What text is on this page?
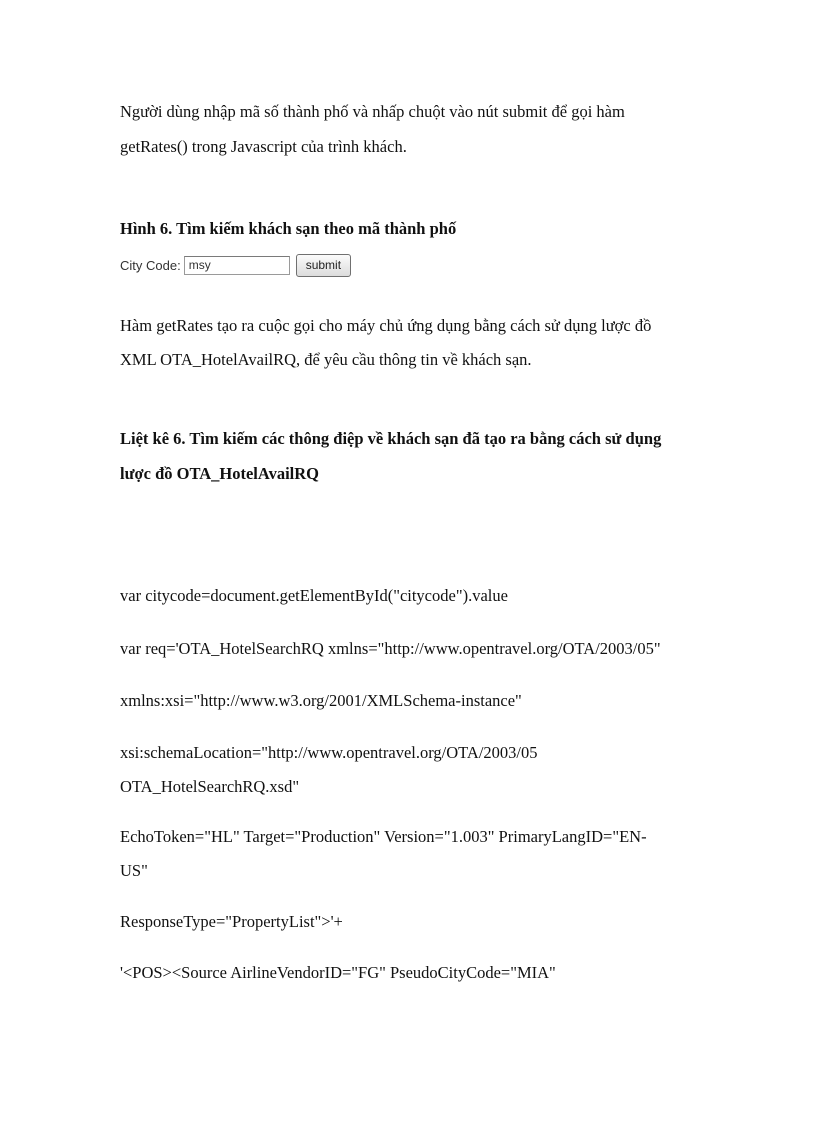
Người dùng nhập mã số thành phố và nhấp chuột vào nút submit để gọi hàm
getRates() trong Javascript của trình khách.
Hình 6. Tìm kiếm khách sạn theo mã thành phố
City Code:
msy	submit
Hàm getRates tạo ra cuộc gọi cho máy chủ ứng dụng bằng cách sử dụng lược đồ
XML OTA_HotelAvailRQ, để yêu cầu thông tin về khách sạn.
Liệt kê 6. Tìm kiếm các thông điệp về khách sạn đã tạo ra bằng cách sử dụng
lược đồ OTA_HotelAvailRQ
var citycode=document.getElementById("citycode").value
var req='OTA_HotelSearchRQ xmlns="http://www.opentravel.org/OTA/2003/05"
xmlns:xsi="http://www.w3.org/2001/XMLSchema-instance"
xsi:schemaLocation="http://www.opentravel.org/OTA/2003/05
OTA_HotelSearchRQ.xsd"
EchoToken="HL" Target="Production" Version="1.003" PrimaryLangID="EN-
US"
ResponseType="PropertyList">'+
'<POS><Source AirlineVendorID="FG" PseudoCityCode="MIA"
